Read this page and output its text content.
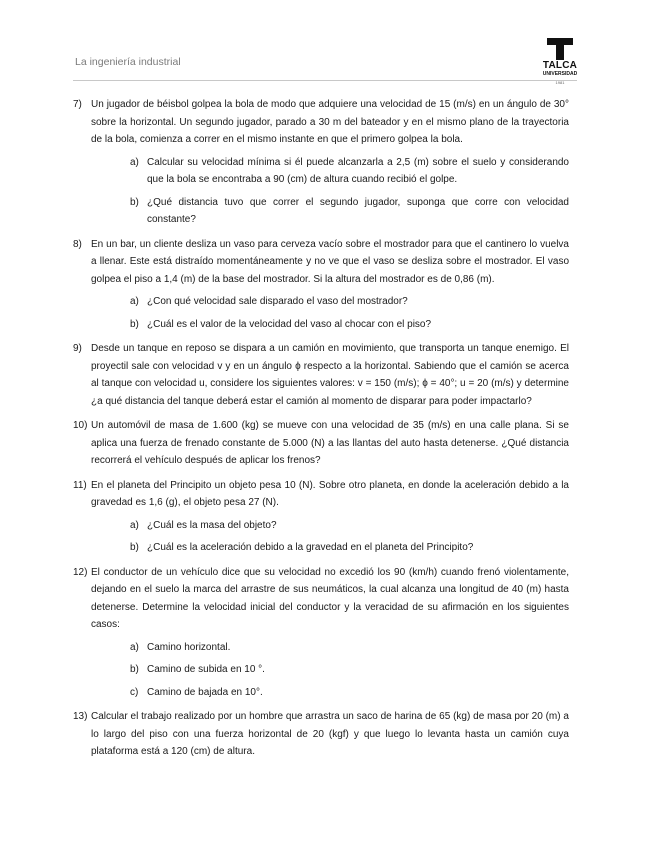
La ingeniería industrial	TALCA
UNIVERSIDAD
1981
7) Un jugador de béisbol golpea la bola de modo que adquiere una velocidad de 15 (m/s) en un ángulo de 30° sobre la horizontal. Un segundo jugador, parado a 30 m del bateador y en el mismo plano de la trayectoria de la bola, comienza a correr en el mismo instante en que el primero golpea la bola.
a) Calcular su velocidad mínima si él puede alcanzarla a 2,5 (m) sobre el suelo y considerando que la bola se encontraba a 90 (cm) de altura cuando recibió el golpe.
b) ¿Qué distancia tuvo que correr el segundo jugador, suponga que corre con velocidad constante?
8) En un bar, un cliente desliza un vaso para cerveza vacío sobre el mostrador para que el cantinero lo vuelva a llenar. Este está distraído momentáneamente y no ve que el vaso se desliza sobre el mostrador. El vaso golpea el piso a 1,4 (m) de la base del mostrador. Si la altura del mostrador es de 0,86 (m).
a) ¿Con qué velocidad sale disparado el vaso del mostrador?
b) ¿Cuál es el valor de la velocidad del vaso al chocar con el piso?
9) Desde un tanque en reposo se dispara a un camión en movimiento, que transporta un tanque enemigo. El proyectil sale con velocidad v y en un ángulo ϕ respecto a la horizontal. Sabiendo que el camión se acerca al tanque con velocidad u, considere los siguientes valores: v = 150 (m/s); ϕ = 40°; u = 20 (m/s) y determine ¿a qué distancia del tanque deberá estar el camión al momento de disparar para poder impactarlo?
10) Un automóvil de masa de 1.600 (kg) se mueve con una velocidad de 35 (m/s) en una calle plana. Si se aplica una fuerza de frenado constante de 5.000 (N) a las llantas del auto hasta detenerse. ¿Qué distancia recorrerá el vehículo después de aplicar los frenos?
11) En el planeta del Principito un objeto pesa 10 (N). Sobre otro planeta, en donde la aceleración debido a la gravedad es 1,6 (g), el objeto pesa 27 (N).
a) ¿Cuál es la masa del objeto?
b) ¿Cuál es la aceleración debido a la gravedad en el planeta del Principito?
12) El conductor de un vehículo dice que su velocidad no excedió los 90 (km/h) cuando frenó violentamente, dejando en el suelo la marca del arrastre de sus neumáticos, la cual alcanza una longitud de 40 (m) hasta detenerse. Determine la velocidad inicial del conductor y la veracidad de su afirmación en los siguientes casos:
a) Camino horizontal.
b) Camino de subida en 10 °.
c) Camino de bajada en 10°.
13) Calcular el trabajo realizado por un hombre que arrastra un saco de harina de 65 (kg) de masa por 20 (m) a lo largo del piso con una fuerza horizontal de 20 (kgf) y que luego lo levanta hasta un camión cuya plataforma está a 120 (cm) de altura.
